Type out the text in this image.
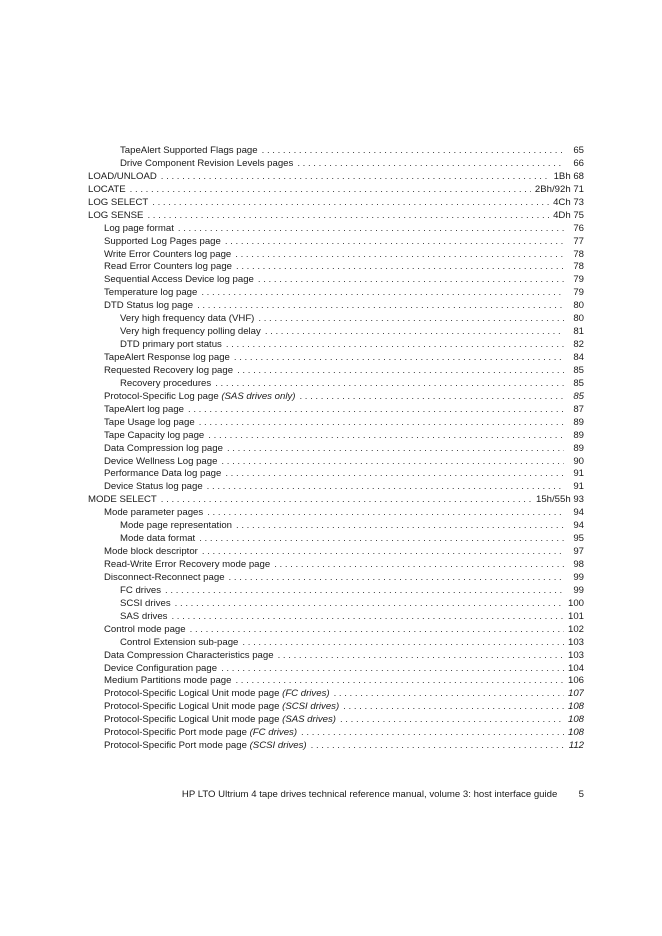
TapeAlert Supported Flags page . . .	65
Drive Component Revision Levels pages . . .	66
LOAD/UNLOAD . . .	1Bh 68
LOCATE . . .	2Bh/92h 71
LOG SELECT . . .	4Ch 73
LOG SENSE . . .	4Dh 75
Log page format . . .	76
Supported Log Pages page . . .	77
Write Error Counters log page . . .	78
Read Error Counters log page . . .	78
Sequential Access Device log page . . .	79
Temperature log page . . .	79
DTD Status log page . . .	80
Very high frequency data (VHF) . . .	80
Very high frequency polling delay . . .	81
DTD primary port status . . .	82
TapeAlert Response log page . . .	84
Requested Recovery log page . . .	85
Recovery procedures . . .	85
Protocol-Specific Log page (SAS drives only) . . .	85
TapeAlert log page . . .	87
Tape Usage log page . . .	89
Tape Capacity log page . . .	89
Data Compression log page . . .	89
Device Wellness Log page . . .	90
Performance Data log page . . .	91
Device Status log page . . .	91
MODE SELECT . . .	15h/55h 93
Mode parameter pages . . .	94
Mode page representation . . .	94
Mode data format . . .	95
Mode block descriptor . . .	97
Read-Write Error Recovery mode page . . .	98
Disconnect-Reconnect page . . .	99
FC drives . . .	99
SCSI drives . . .	100
SAS drives . . .	101
Control mode page . . .	102
Control Extension sub-page . . .	103
Data Compression Characteristics page . . .	103
Device Configuration page . . .	104
Medium Partitions mode page . . .	106
Protocol-Specific Logical Unit mode page (FC drives) . . .	107
Protocol-Specific Logical Unit mode page (SCSI drives) . . .	108
Protocol-Specific Logical Unit mode page (SAS drives) . . .	108
Protocol-Specific Port mode page (FC drives) . . .	108
Protocol-Specific Port mode page (SCSI drives) . . .	112
HP LTO Ultrium 4 tape drives technical reference manual, volume 3: host interface guide 5
